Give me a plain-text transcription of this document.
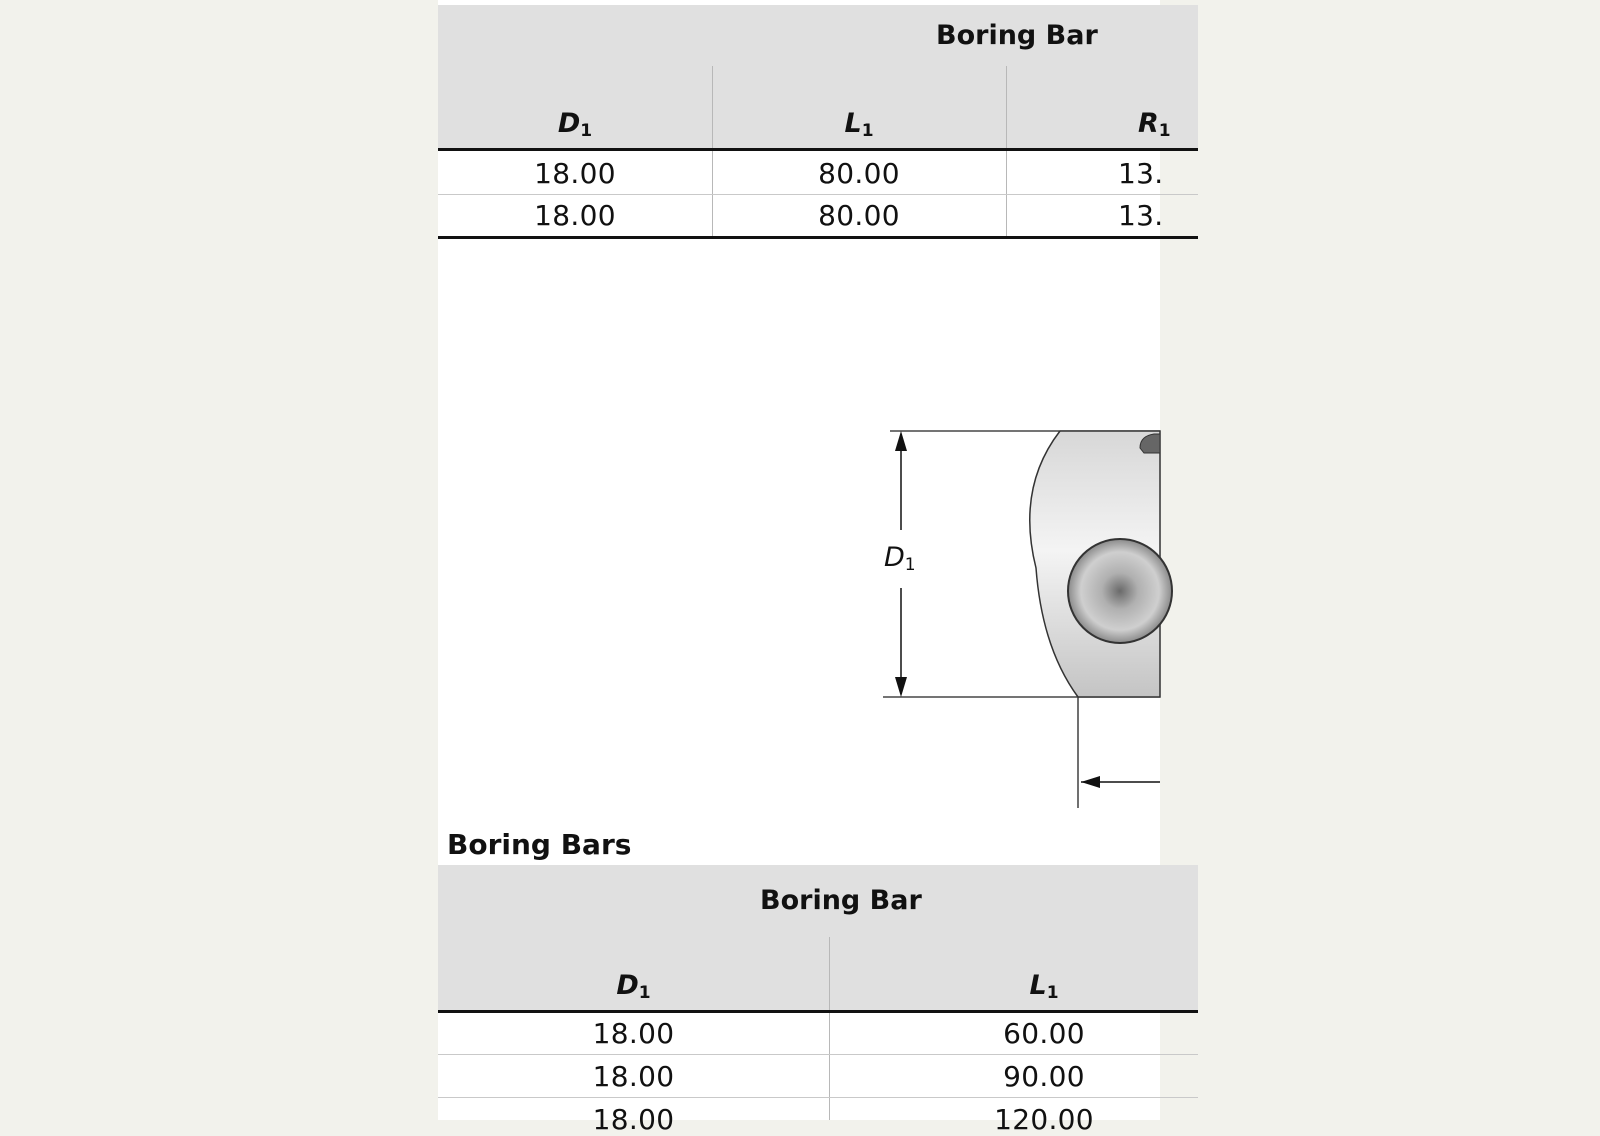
Boring Bar
$D_1$	$L_1$	$R_1$
18.00	80.00	13.
18.00	80.00	13.
$D_1$
Boring Bars
Boring Bar
$D_1$	$L_1$
18.00	60.00
18.00	90.00
18.00	120.00
